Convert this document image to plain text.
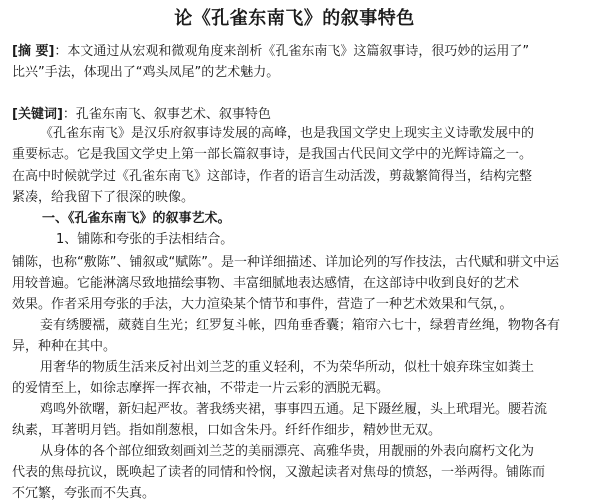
论《孔雀东南飞》的叙事特色
[摘 要]：本文通过从宏观和微观角度来剖析《孔雀东南飞》这篇叙事诗，很巧妙的运用了”
比兴”手法，体现出了“鸡头凤尾”的艺术魅力。
[关键词]：孔雀东南飞、叙事艺术、叙事特色
《孔雀东南飞》是汉乐府叙事诗发展的高峰，也是我国文学史上现实主义诗歌发展中的
重要标志。它是我国文学史上第一部长篇叙事诗，是我国古代民间文学中的光辉诗篇之一。
在高中时候就学过《孔雀东南飞》这部诗，作者的语言生动活泼，剪裁繁简得当，结构完整
紧凑，给我留下了很深的映像。
一、《孔雀东南飞》的叙事艺术。
1、铺陈和夸张的手法相结合。
铺陈，也称“敷陈”、铺叙或“赋陈”。是一种详细描述、详加论列的写作技法，古代赋和骈文中运
用较普遍。它能淋漓尽致地描绘事物、丰富细腻地表达感情，在这部诗中收到良好的艺术
效果。作者采用夸张的手法，大力渲染某个情节和事件，营造了一种艺术效果和气氛，。
妾有绣腰襦，葳蕤自生光；红罗复斗帐，四角垂香囊；箱帘六七十，绿碧青丝绳，物物各有
异，种种在其中。
用奢华的物质生活来反衬出刘兰芝的重义轻利，不为荣华所动，似杜十娘弃珠宝如粪土
的爱情至上，如徐志摩挥一挥衣袖，不带走一片云彩的洒脱无羁。
鸡鸣外欲曙，新妇起严妆。著我绣夹裙，事事四五通。足下蹑丝履，头上玳瑁光。腰若流
纨素，耳著明月铛。指如削葱根，口如含朱丹。纤纤作细步，精妙世无双。
从身体的各个部位细致刻画刘兰芝的美丽漂亮、高雅华贵，用靓丽的外表向腐朽文化为
代表的焦母抗议，既唤起了读者的同情和怜悯，又激起读者对焦母的愤怒，一举两得。铺陈而
不冗繁，夸张而不失真。
